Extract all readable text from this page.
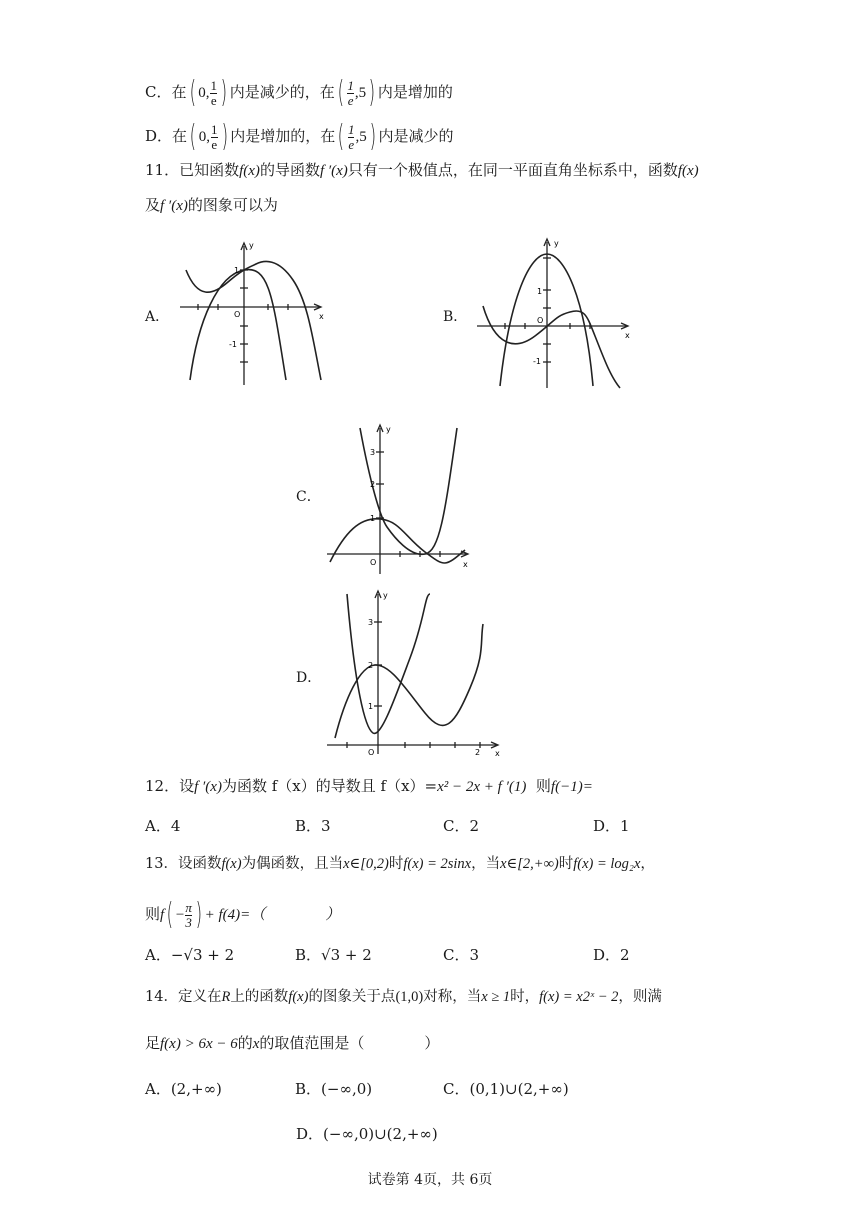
C．在( 0, $\frac{1}{e}$ ) 内是减少的，在( $\frac{1}{e} ,5$) 内是增加的
D．在( 0, $\frac{1}{e}$ ) 内是增加的，在( $\frac{1}{e} ,5$) 内是减少的
11．已知函数f(x)的导函数f ′(x)只有一个极值点，在同一平面直角坐标系中，函数f(x)
及f ′(x)的图象可以为
A．	B．
C．
D．
y
x
O
1
-1
y
x
O
1
-1
y
x
O
3
2
1
y
x
O
3
2
1
2
12．设f ′(x)为函数 f（x）的导数且 f（x）=x² − 2x + f ′(1) 则f(−1)=
A．4	B．3	C．2	D．1
13．设函数f(x)为偶函数，且当x∈[0,2)时f(x) = 2sinx，当x∈[2,+∞)时f(x) = log₂x，
则$f( - \frac{\pi}{3}$ ) + f(4)=（　　　　）
A．−√3 + 2	B．√3 + 2	C．3	D．2
14．定义在R上的函数f(x)的图象关于点(1,0)对称，当x ≥ 1时，f(x) = x2ˣ − 2，则满
足f(x) > 6x − 6的x的取值范围是（　　　　）
A．(2,+∞)	B．(−∞,0)	C．(0,1)∪(2,+∞)
D．(−∞,0)∪(2,+∞)
试卷第 4页，共 6页
